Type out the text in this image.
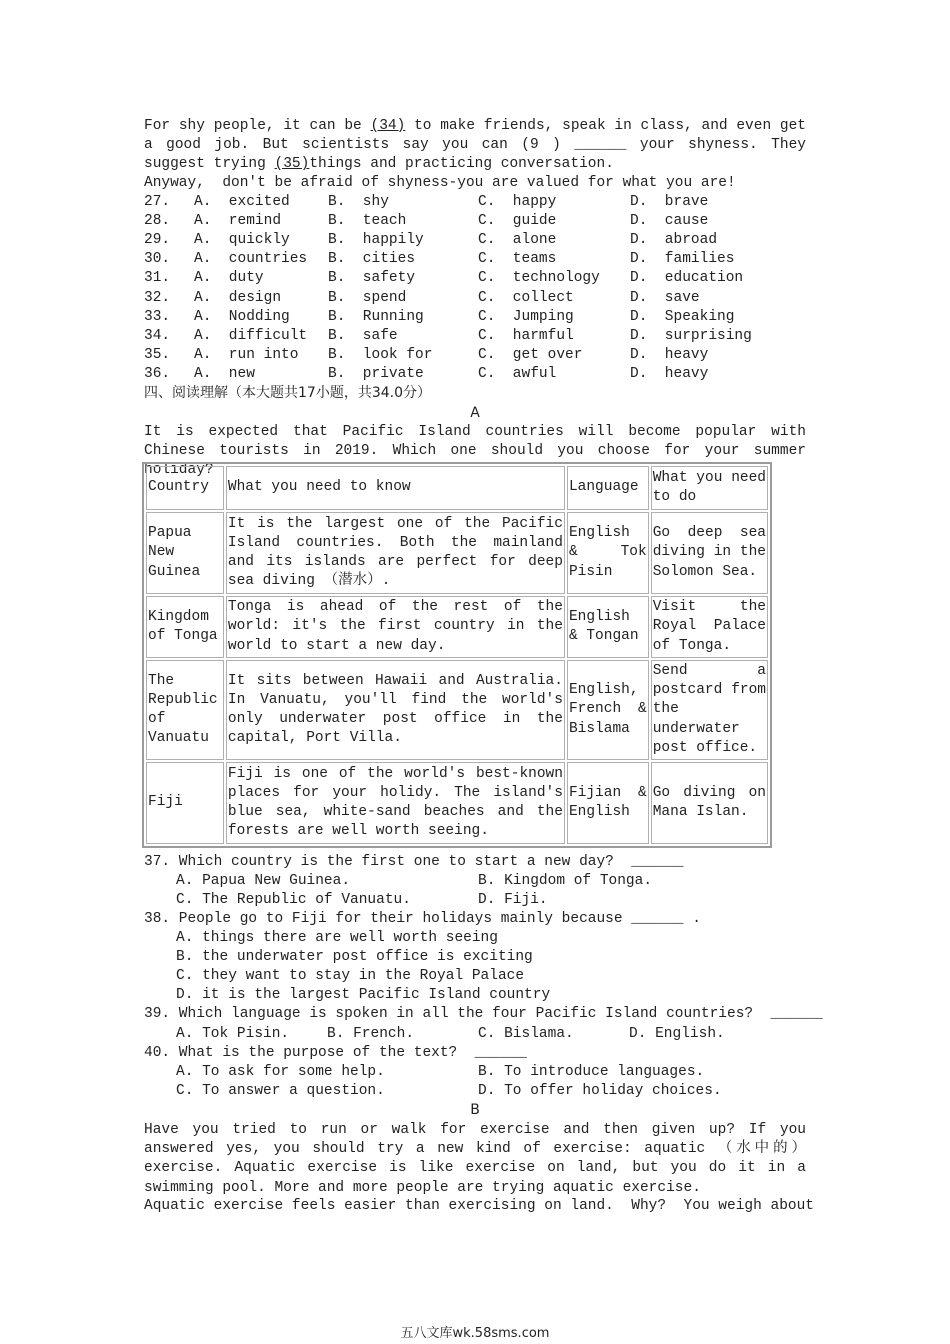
For shy people, it can be (34) to make friends, speak in class, and even get a good job. But scientists say you can (9 ) ______ your shyness. They suggest trying (35)things and practicing conversation.
Anyway,  don't be afraid of shyness-you are valued for what you are!
27. A.  excited	B.  shy	C.  happy	D.  brave
28. A.  remind	B.  teach	C.  guide	D.  cause
29. A.  quickly	B.  happily	C.  alone	D.  abroad
30. A.  countries B.  cities	C.  teams	D.  families
31. A.  duty	B.  safety	C.  technology D.  education
32. A.  design	B.  spend	C.  collect	D.  save
33. A.  Nodding	B.  Running	C.  Jumping	D.  Speaking
34. A.  difficult B.  safe	C.  harmful	D.  surprising
35. A.  run into B.  look for	C.  get over	D.  heavy
36. A.  new	B.  private	C.  awful	D.  heavy
四、阅读理解（本大题共17小题，共34.0分）
A
It is expected that Pacific Island countries will become popular with Chinese tourists in 2019. Which one should you choose for your summer holiday?
Country	What you need to know	Language	What you need to do
Papua New Guinea	It is the largest one of the Pacific Island countries. Both the mainland and its islands are perfect for deep sea diving （潜水）.	English & Tok Pisin	Go deep sea diving in the Solomon Sea.
Kingdom of Tonga	Tonga is ahead of the rest of the world: it's the first country in the world to start a new day.	English & Tongan	Visit the Royal Palace of Tonga.
The Republic of Vanuatu	It sits between Hawaii and Australia. In Vanuatu, you'll find the world's only underwater post office in the capital, Port Villa.	English, French & Bislama	Send a postcard from the underwater post office.
Fiji	Fiji is one of the world's best-known places for your holidy. The island's blue sea, white-sand beaches and the forests are well worth seeing.	Fijian & English	Go diving on Mana Islan.
37. Which country is the first one to start a new day?  ______
A. Papua New Guinea.	B. Kingdom of Tonga.
C. The Republic of Vanuatu.	D. Fiji.
38. People go to Fiji for their holidays mainly because ______ .
A. things there are well worth seeing
B. the underwater post office is exciting
C. they want to stay in the Royal Palace
D. it is the largest Pacific Island country
39. Which language is spoken in all the four Pacific Island countries?  ______
A. Tok Pisin.	B. French.	C. Bislama.	D. English.
40. What is the purpose of the text?  ______
A. To ask for some help.	B. To introduce languages.
C. To answer a question.	D. To offer holiday choices.
B
Have you tried to run or walk for exercise and then given up? If you answered yes, you should try a new kind of exercise: aquatic （水中的） exercise. Aquatic exercise is like exercise on land, but you do it in a swimming pool. More and more people are trying aquatic exercise.
Aquatic exercise feels easier than exercising on land.  Why?  You weigh about
五八文库wk.58sms.com
